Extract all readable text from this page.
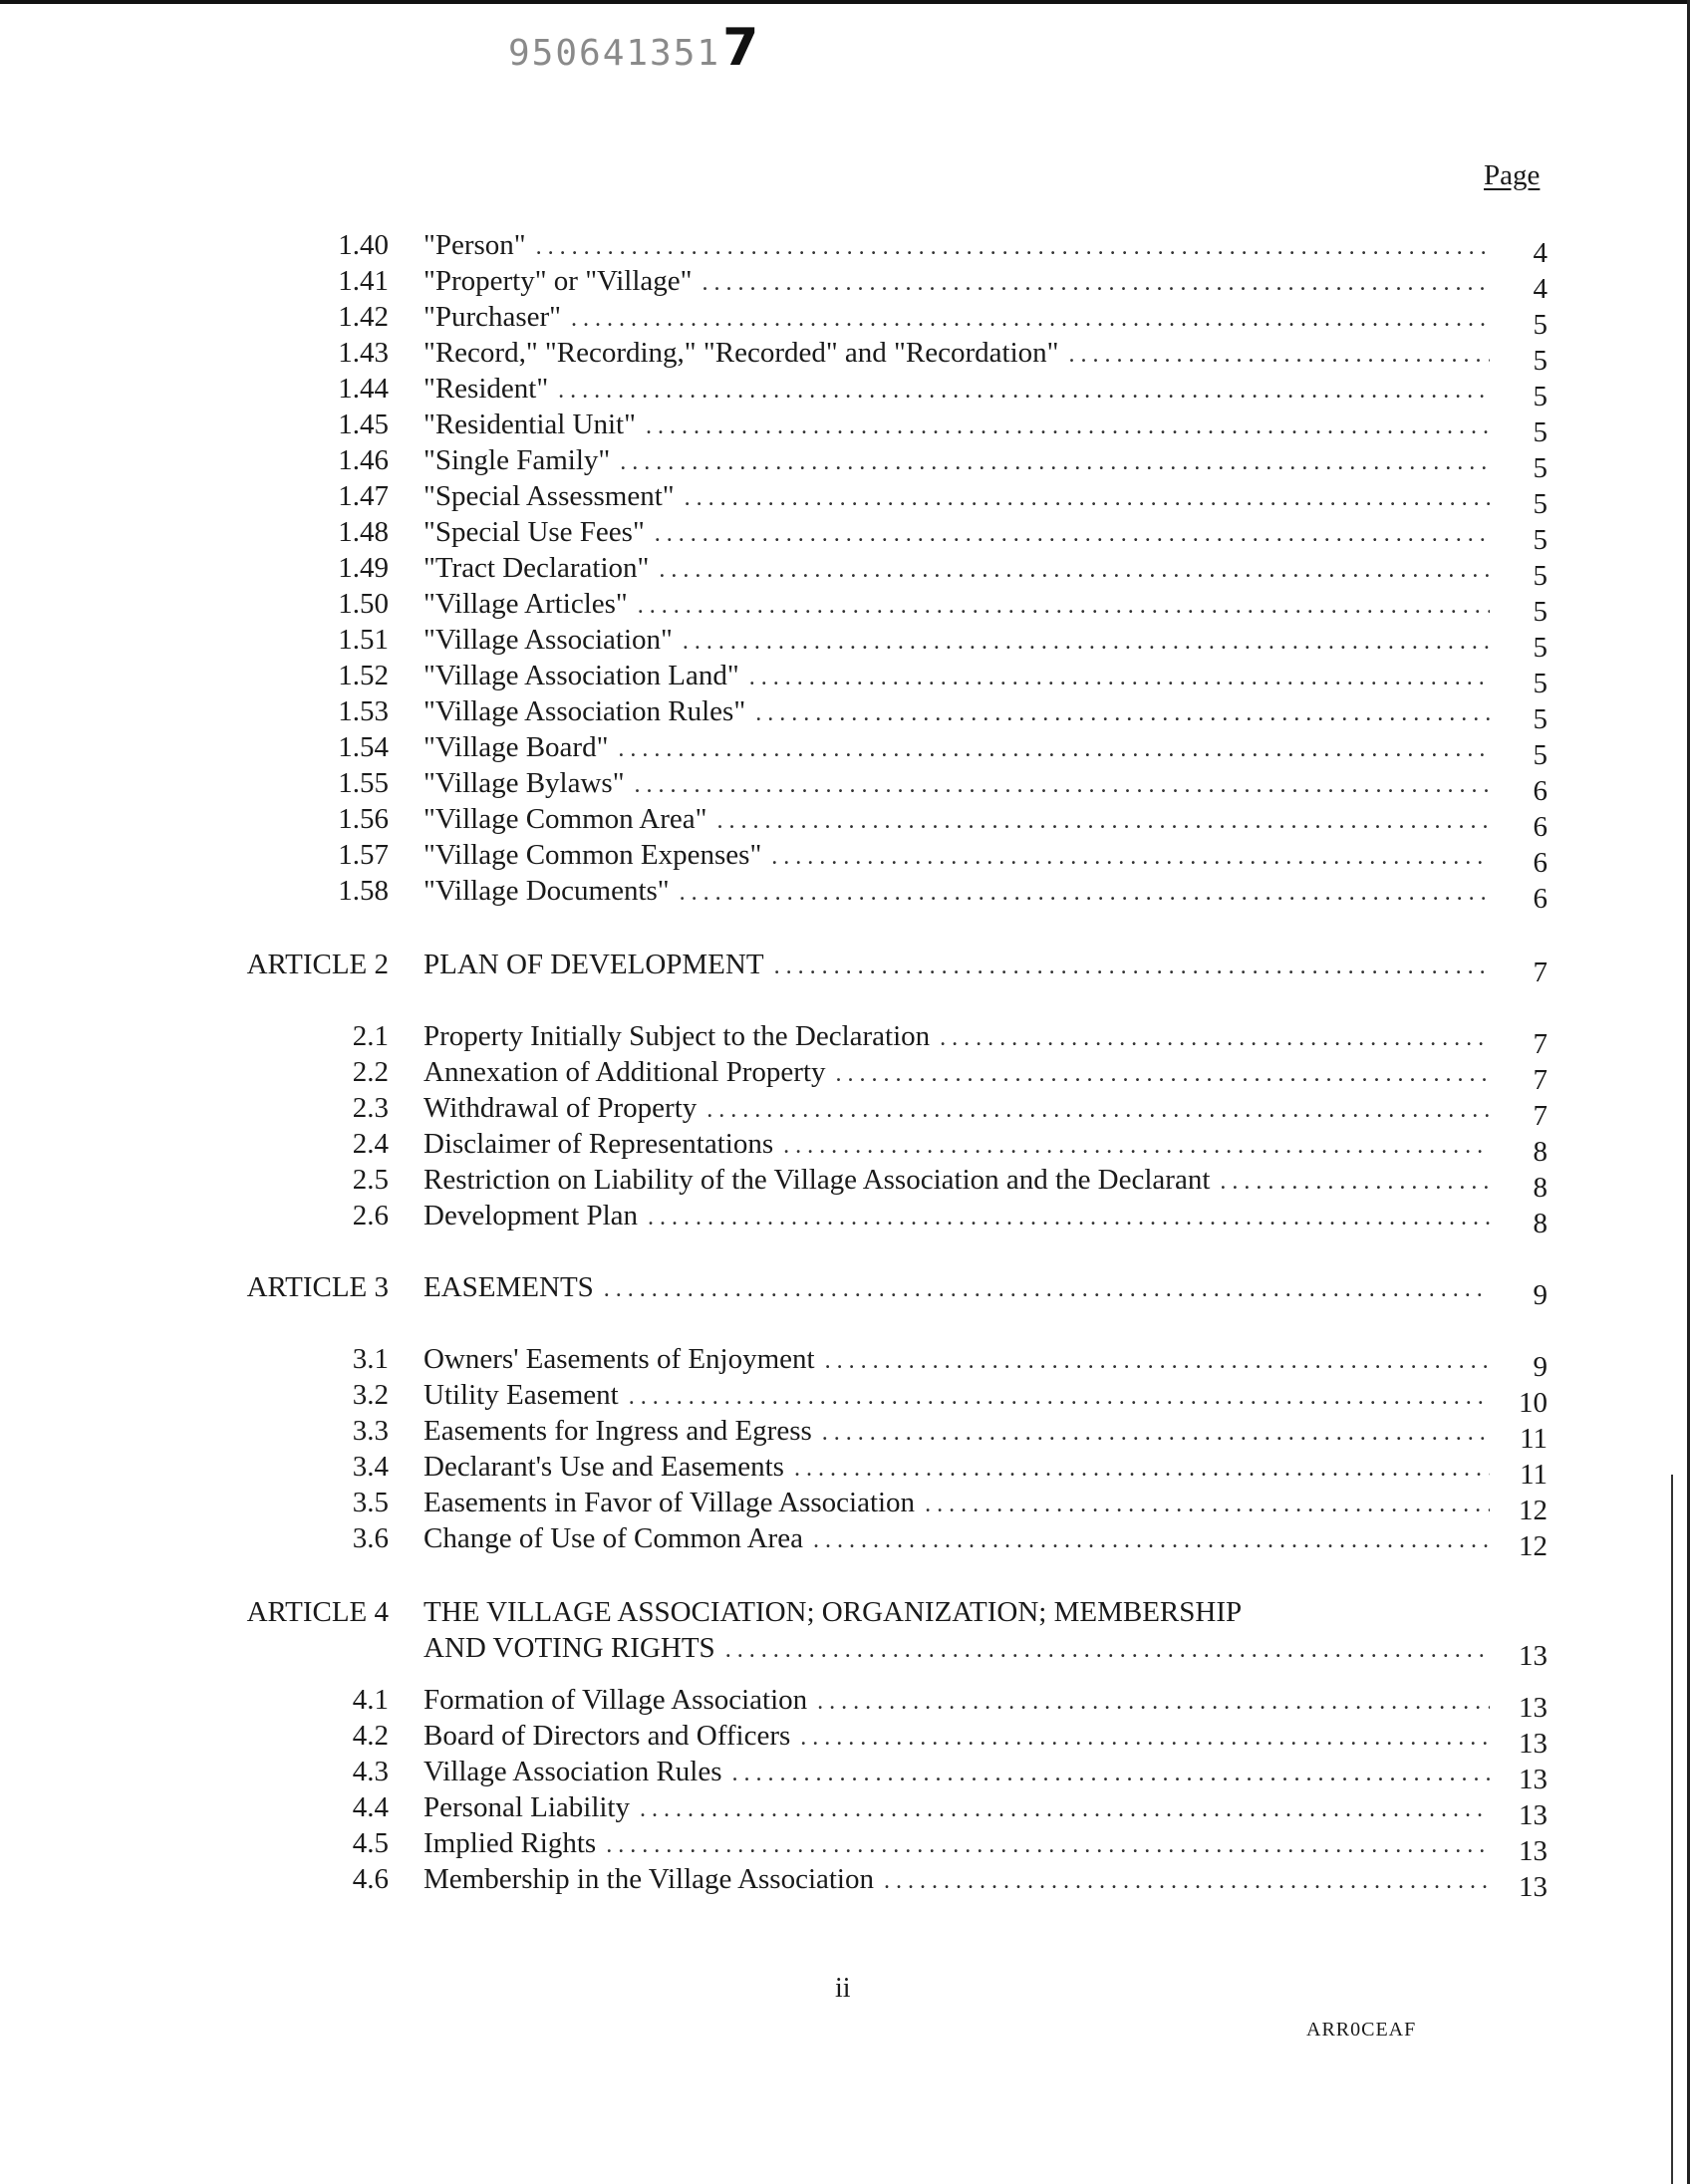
9506413517
Page
1.40 "Person" . . .	4
1.41 "Property" or "Village" . . .	4
1.42 "Purchaser" . . .	5
1.43 "Record," "Recording," "Recorded" and "Recordation" . . .	5
1.44 "Resident" . . .	5
1.45 "Residential Unit" . . .	5
1.46 "Single Family" . . .	5
1.47 "Special Assessment" . . .	5
1.48 "Special Use Fees" . . .	5
1.49 "Tract Declaration" . . .	5
1.50 "Village Articles" . . .	5
1.51 "Village Association" . . .	5
1.52 "Village Association Land" . . .	5
1.53 "Village Association Rules" . . .	5
1.54 "Village Board" . . .	5
1.55 "Village Bylaws" . . .	6
1.56 "Village Common Area" . . .	6
1.57 "Village Common Expenses" . . .	6
1.58 "Village Documents" . . .	6
ARTICLE 2 PLAN OF DEVELOPMENT . . .	7
2.1 Property Initially Subject to the Declaration . . .	7
2.2 Annexation of Additional Property . . .	7
2.3 Withdrawal of Property . . .	7
2.4 Disclaimer of Representations . . .	8
2.5 Restriction on Liability of the Village Association and the Declarant . . .	8
2.6 Development Plan . . .	8
ARTICLE 3 EASEMENTS . . .	9
3.1 Owners' Easements of Enjoyment . . .	9
3.2 Utility Easement . . .	10
3.3 Easements for Ingress and Egress . . .	11
3.4 Declarant's Use and Easements . . .	11
3.5 Easements in Favor of Village Association . . .	12
3.6 Change of Use of Common Area . . .	12
ARTICLE 4 THE VILLAGE ASSOCIATION; ORGANIZATION; MEMBERSHIP
AND VOTING RIGHTS . . .	13
4.1 Formation of Village Association . . .	13
4.2 Board of Directors and Officers . . .	13
4.3 Village Association Rules . . .	13
4.4 Personal Liability . . .	13
4.5 Implied Rights . . .	13
4.6 Membership in the Village Association . . .	13
ii
ARR0CEAF
